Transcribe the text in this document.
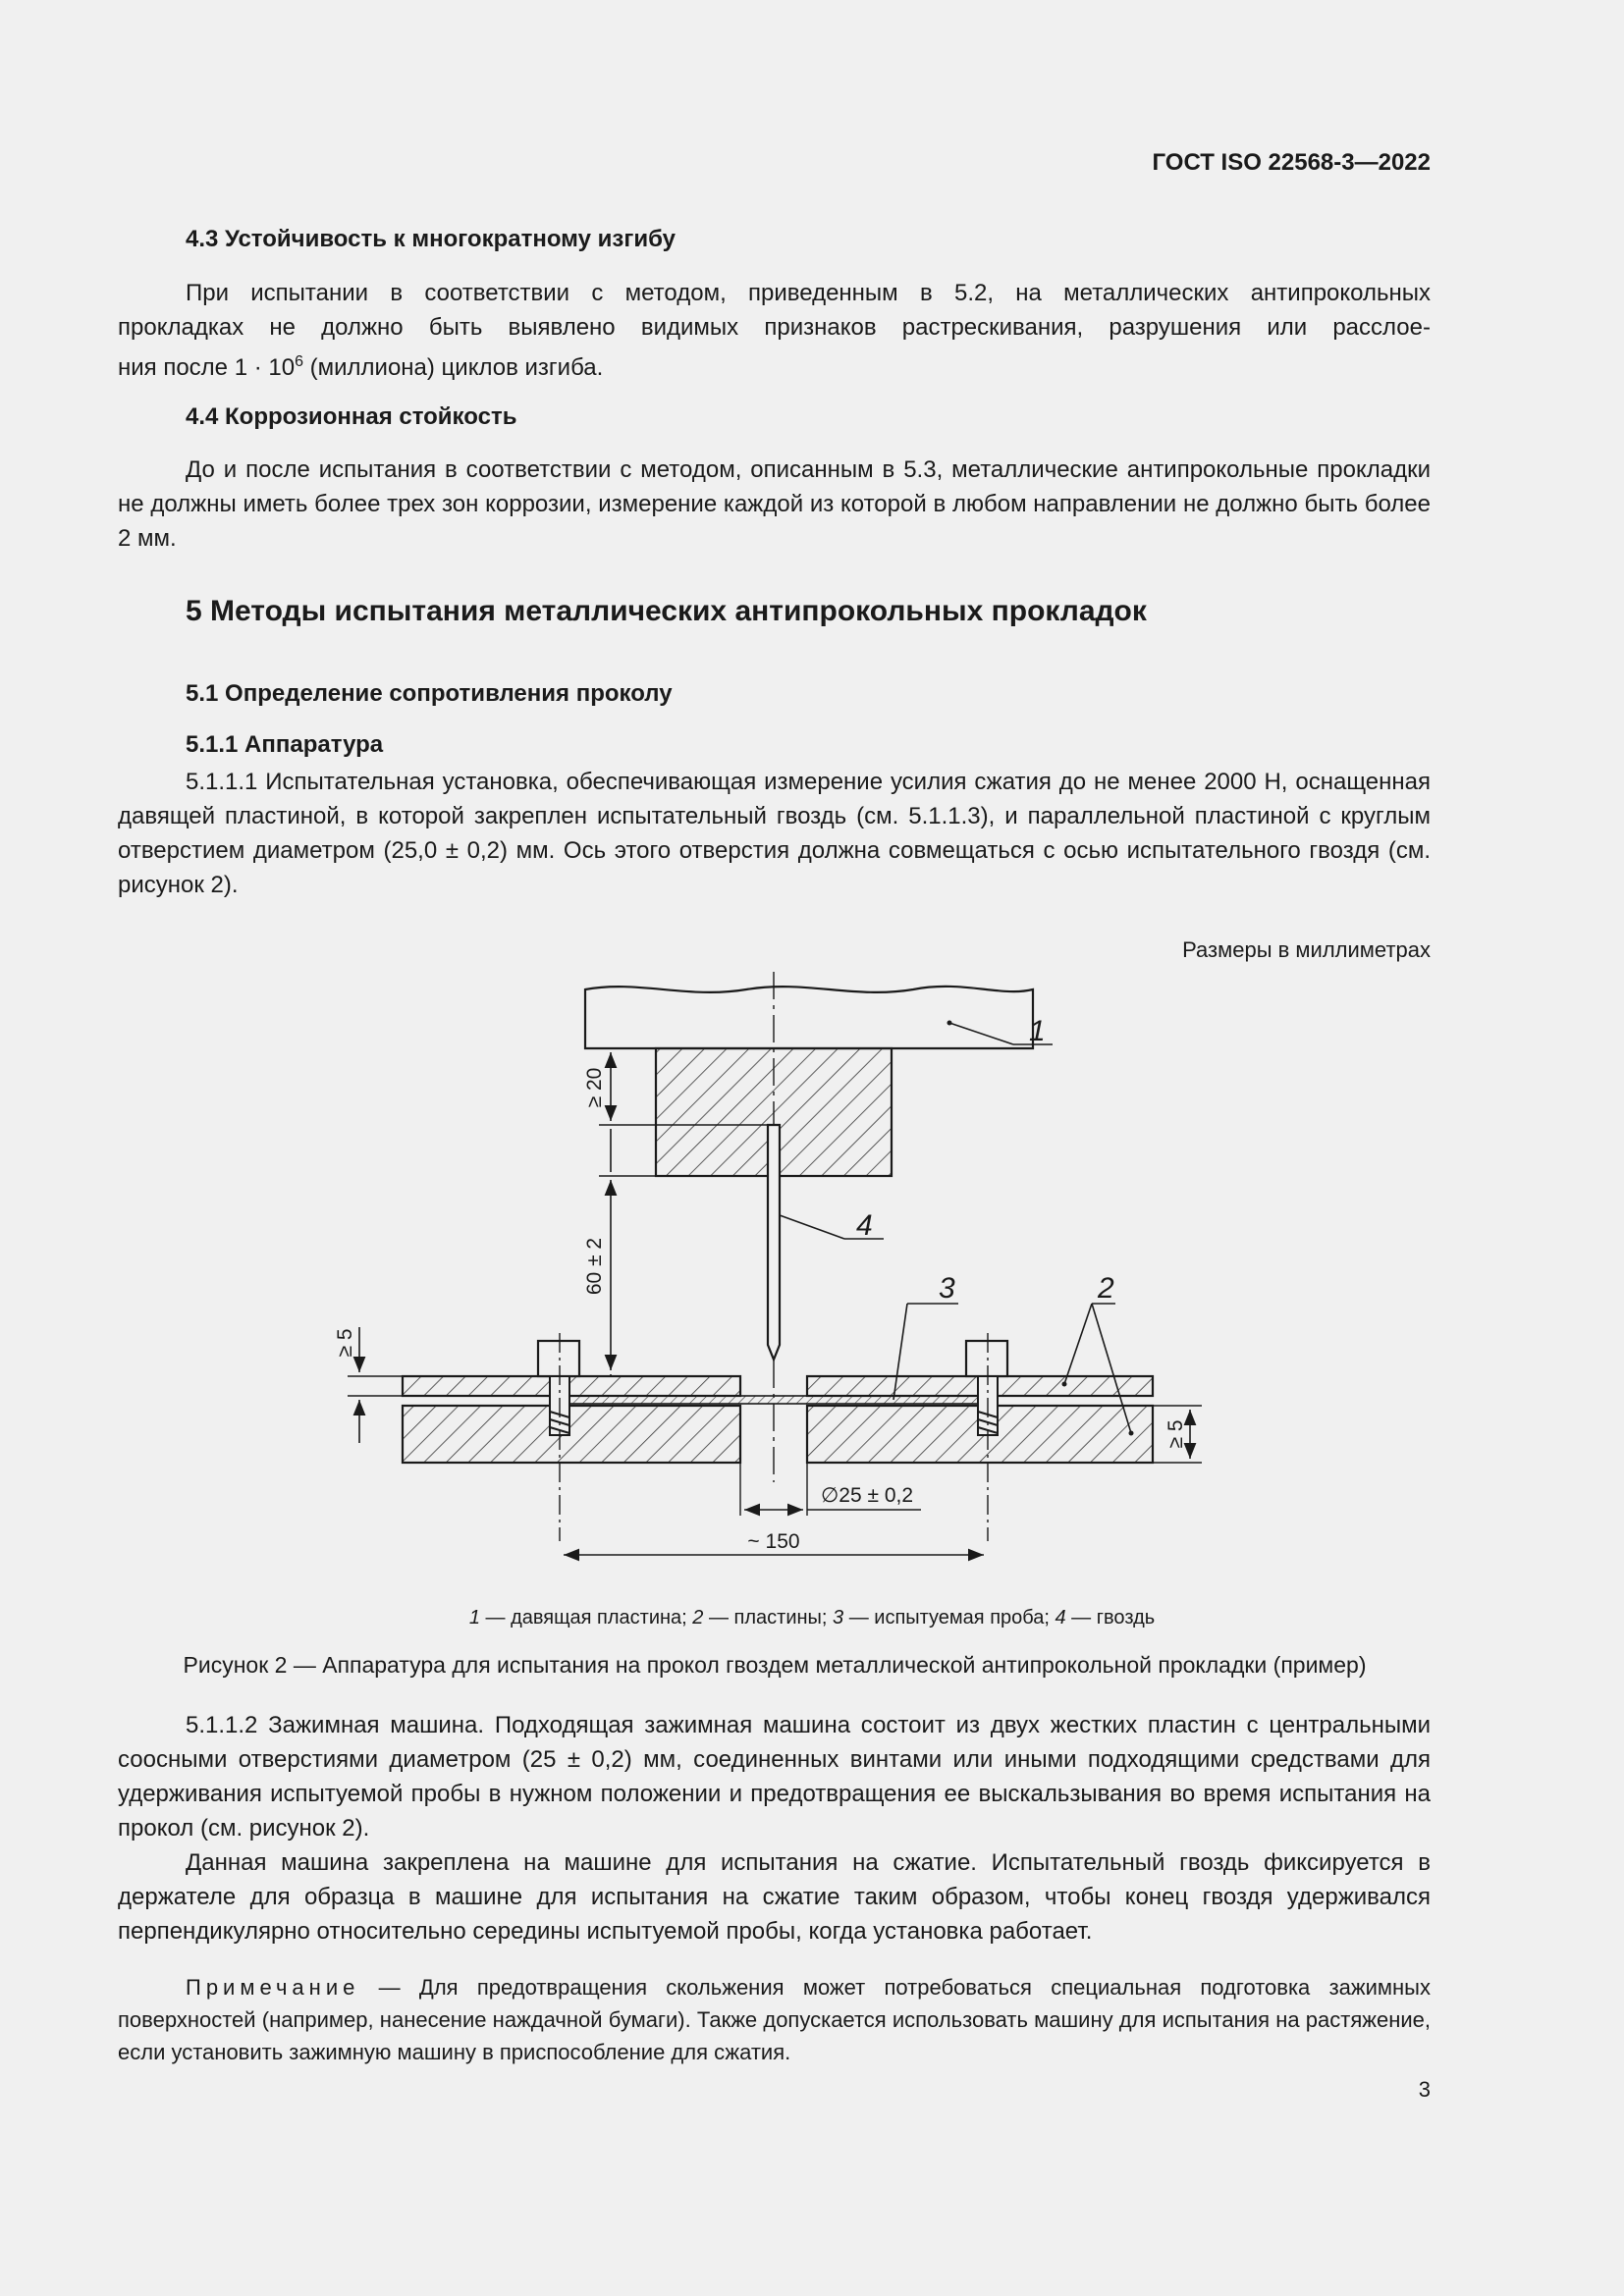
ГОСТ ISO 22568-3—2022
4.3 Устойчивость к многократному изгибу
При испытании в соответствии с методом, приведенным в 5.2, на металлических антипрокольных
прокладках не должно быть выявлено видимых признаков растрескивания, разрушения или расслое-
ния после $1 \cdot 10^6$ (миллиона) циклов изгиба.
4.4 Коррозионная стойкость

До и после испытания в соответствии с методом, описанным в 5.3, металлические антипрокольные прокладки не должны иметь более трех зон коррозии, измерение каждой из которой в любом направлении не должно быть более 2 мм.

5 Методы испытания металлических антипрокольных прокладок
5.1 Определение сопротивления проколу
5.1.1 Аппаратура

5.1.1.1 Испытательная установка, обеспечивающая измерение усилия сжатия до не менее 2000 Н, оснащенная давящей пластиной, в которой закреплен испытательный гвоздь (см. 5.1.1.3), и параллельной пластиной с круглым отверстием диаметром (25,0 ± 0,2) мм. Ось этого отверстия должна совмещаться с осью испытательного гвоздя (см. рисунок 2).

Размеры в миллиметрах
≥ 20
60 ± 2
≥ 5
≥ 5
∅25 ± 0,2
~ 150
1
4
3	2
1 — давящая пластина; 2 — пластины; 3 — испытуемая проба; 4 — гвоздь
Рисунок 2 — Аппаратура для испытания на прокол гвоздем металлической антипрокольной прокладки (пример)

5.1.1.2 Зажимная машина. Подходящая зажимная машина состоит из двух жестких пластин с центральными соосными отверстиями диаметром (25 ± 0,2) мм, соединенных винтами или иными подходящими средствами для удерживания испытуемой пробы в нужном положении и предотвращения ее выскальзывания во время испытания на прокол (см. рисунок 2).

Данная машина закреплена на машине для испытания на сжатие. Испытательный гвоздь фиксируется в держателе для образца в машине для испытания на сжатие таким образом, чтобы конец гвоздя удерживался перпендикулярно относительно середины испытуемой пробы, когда установка работает.

Примечание — Для предотвращения скольжения может потребоваться специальная подготовка зажимных поверхностей (например, нанесение наждачной бумаги). Также допускается использовать машину для испытания на растяжение, если установить зажимную машину в приспособление для сжатия.

3
